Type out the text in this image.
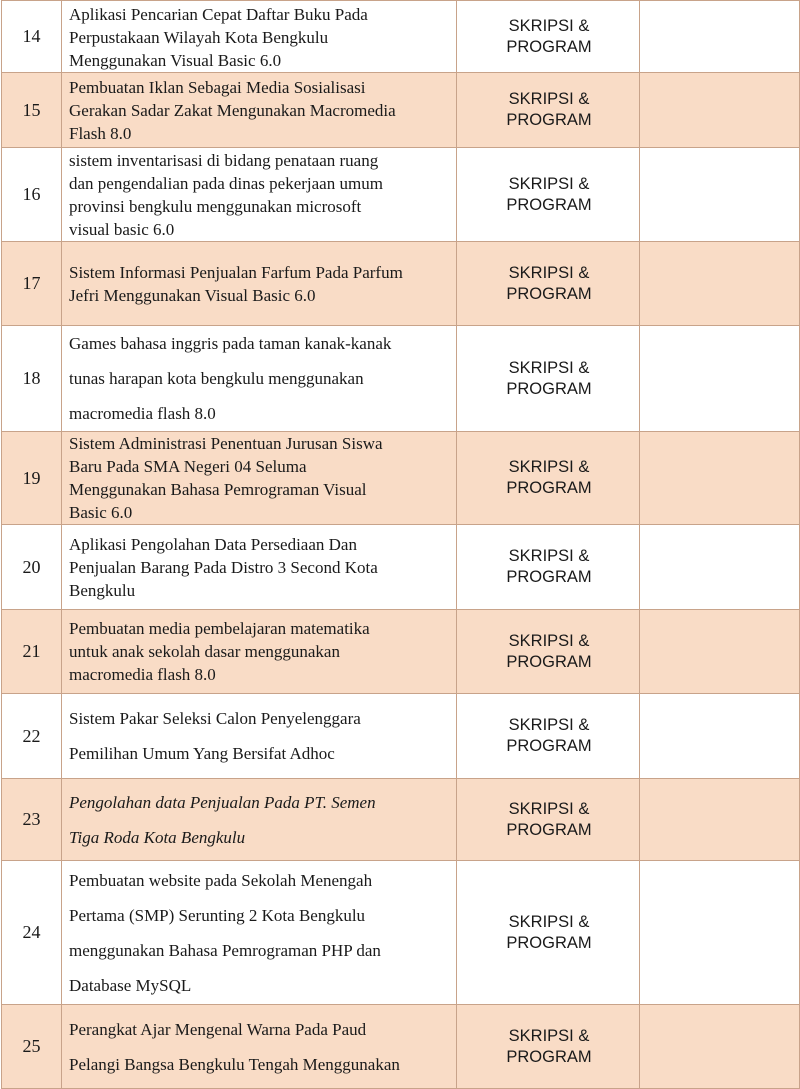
14	Aplikasi Pencarian Cepat Daftar Buku Pada
Perpustakaan Wilayah Kota Bengkulu
Menggunakan Visual Basic 6.0	SKRIPSI &
PROGRAM	

15	Pembuatan Iklan Sebagai Media Sosialisasi
Gerakan Sadar Zakat Mengunakan Macromedia
Flash 8.0	SKRIPSI &
PROGRAM	

16	sistem inventarisasi di bidang penataan ruang
dan pengendalian pada dinas pekerjaan umum
provinsi bengkulu menggunakan microsoft
visual basic 6.0	SKRIPSI &
PROGRAM	

17	Sistem Informasi Penjualan Farfum Pada Parfum
Jefri Menggunakan Visual Basic 6.0	SKRIPSI &
PROGRAM	

18	Games bahasa inggris pada taman kanak-kanak
tunas harapan kota bengkulu menggunakan
macromedia flash 8.0	SKRIPSI &
PROGRAM	

19	Sistem Administrasi Penentuan Jurusan Siswa
Baru Pada SMA Negeri 04 Seluma
Menggunakan Bahasa Pemrograman Visual
Basic 6.0	SKRIPSI &
PROGRAM	

20	Aplikasi Pengolahan Data Persediaan Dan
Penjualan Barang Pada Distro 3 Second Kota
Bengkulu	SKRIPSI &
PROGRAM	

21	Pembuatan media pembelajaran matematika
untuk anak sekolah dasar menggunakan
macromedia flash 8.0	SKRIPSI &
PROGRAM	

22	Sistem Pakar Seleksi Calon Penyelenggara
Pemilihan Umum Yang Bersifat Adhoc	SKRIPSI &
PROGRAM	

23	Pengolahan data Penjualan Pada PT. Semen
Tiga Roda Kota Bengkulu	SKRIPSI &
PROGRAM	

24	Pembuatan website pada Sekolah Menengah
Pertama (SMP) Serunting 2 Kota Bengkulu
menggunakan Bahasa Pemrograman PHP dan
Database MySQL	SKRIPSI &
PROGRAM	

25	Perangkat Ajar Mengenal Warna Pada Paud
Pelangi Bangsa Bengkulu Tengah Menggunakan	SKRIPSI &
PROGRAM	
